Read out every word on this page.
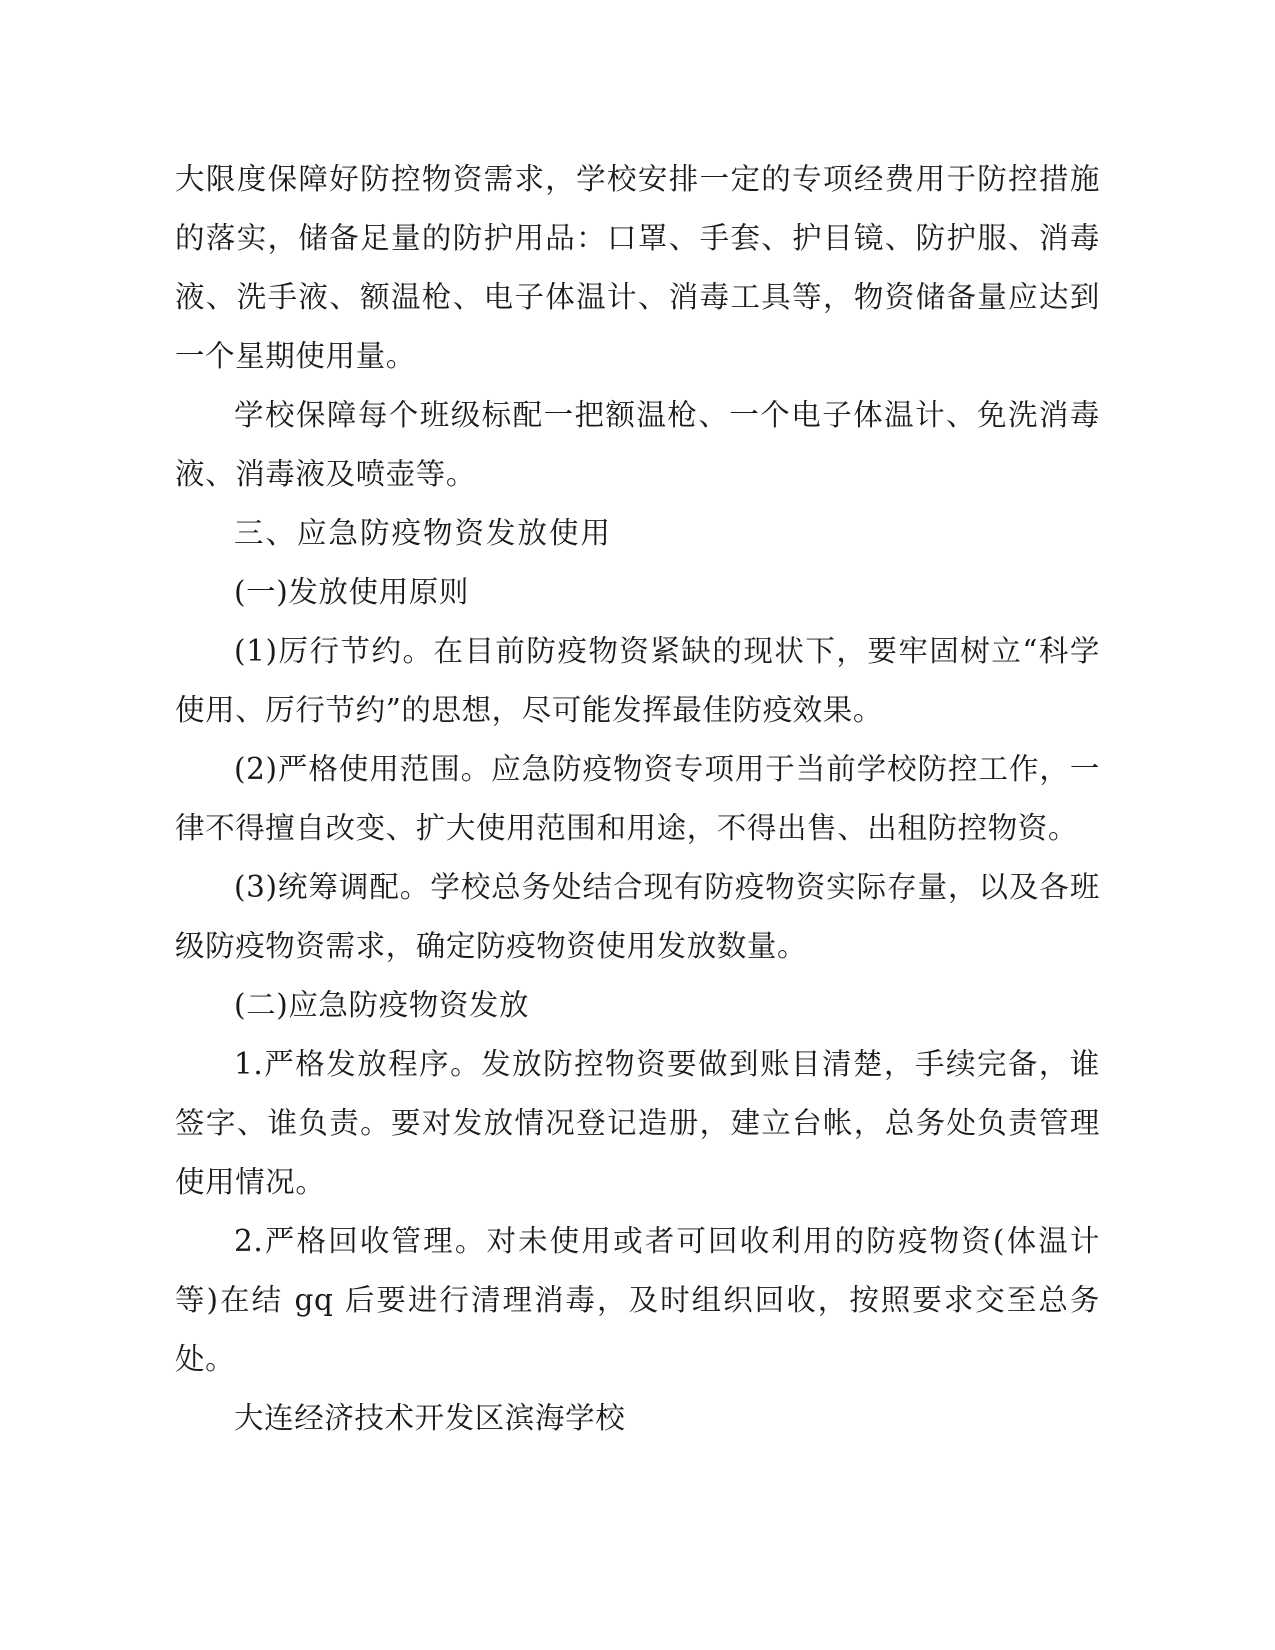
大限度保障好防控物资需求，学校安排一定的专项经费用于防控措施的落实，储备足量的防护用品：口罩、手套、护目镜、防护服、消毒液、洗手液、额温枪、电子体温计、消毒工具等，物资储备量应达到一个星期使用量。

学校保障每个班级标配一把额温枪、一个电子体温计、免洗消毒液、消毒液及喷壶等。

三、应急防疫物资发放使用

(一)发放使用原则

(1)厉行节约。在目前防疫物资紧缺的现状下，要牢固树立“科学使用、厉行节约”的思想，尽可能发挥最佳防疫效果。

(2)严格使用范围。应急防疫物资专项用于当前学校防控工作，一律不得擅自改变、扩大使用范围和用途，不得出售、出租防控物资。

(3)统筹调配。学校总务处结合现有防疫物资实际存量，以及各班级防疫物资需求，确定防疫物资使用发放数量。

(二)应急防疫物资发放

1.严格发放程序。发放防控物资要做到账目清楚，手续完备，谁签字、谁负责。要对发放情况登记造册，建立台帐，总务处负责管理使用情况。

2.严格回收管理。对未使用或者可回收利用的防疫物资(体温计等)在结 gq 后要进行清理消毒，及时组织回收，按照要求交至总务处。

大连经济技术开发区滨海学校
